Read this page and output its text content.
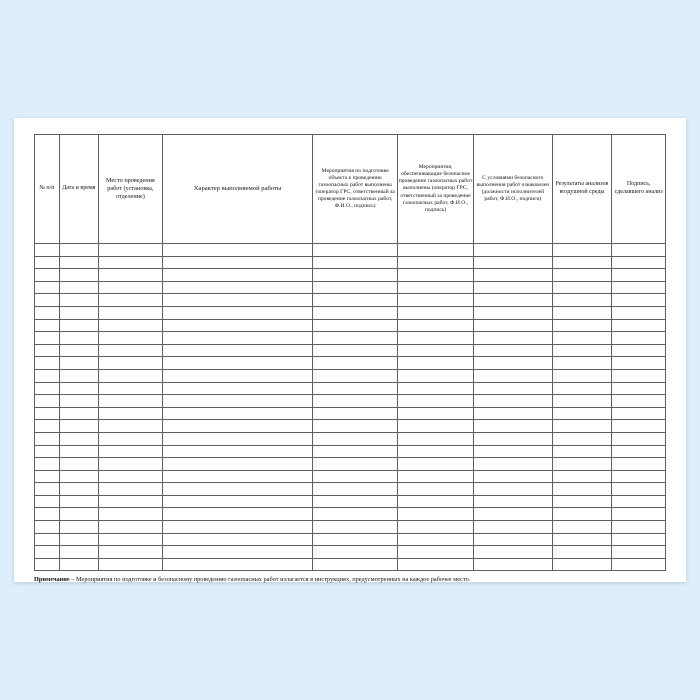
№ п/п	Дата и время	Место проведения работ (установка, отделение)	Характер выполняемой работы	Мероприятия по подготовке объекта к проведению газоопасных работ выполнены (оператор ГРС, ответственный за проведение газоопасных работ, Ф.И.О., подпись)	Мероприятия, обеспечивающие безопасное проведение газоопасных работ выполнены (оператор ГРС, ответственный за проведение газоопасных работ, Ф.И.О., подпись)	С условиями безопасного выполнения работ ознакомлен (должности исполнителей работ, Ф.И.О., подписи)	Результаты анализов воздушной среды	Подпись, сделавшего анализ

Примечание – Мероприятия по подготовке и безопасному проведению газоопасных работ излагается в инструкциях, предусмотренных на каждое рабочее место.
